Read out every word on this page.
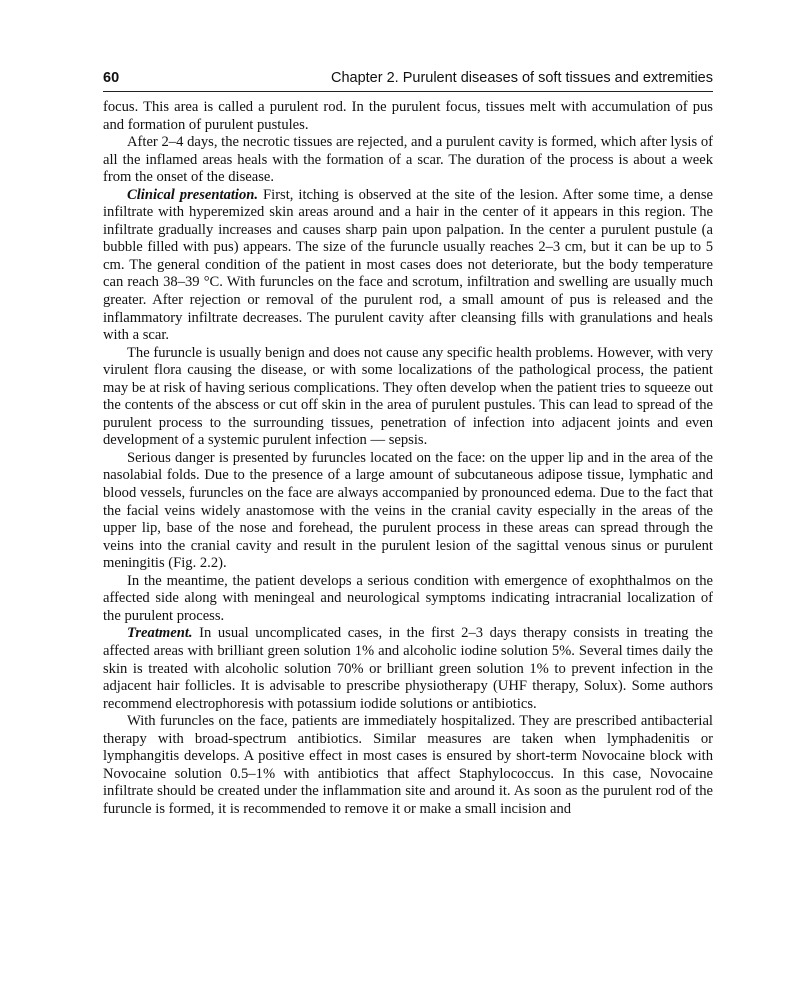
60	Chapter 2. Purulent diseases of soft tissues and extremities

focus. This area is called a purulent rod. In the purulent focus, tissues melt with accumulation of pus and formation of purulent pustules.

After 2–4 days, the necrotic tissues are rejected, and a purulent cavity is formed, which after lysis of all the inflamed areas heals with the formation of a scar. The duration of the process is about a week from the onset of the disease.

Clinical presentation. First, itching is observed at the site of the lesion. After some time, a dense infiltrate with hyperemized skin areas around and a hair in the center of it appears in this region. The infiltrate gradually increases and causes sharp pain upon palpation. In the center a purulent pustule (a bubble filled with pus) appears. The size of the furuncle usually reaches 2–3 cm, but it can be up to 5 cm. The general condition of the patient in most cases does not deteriorate, but the body temperature can reach 38–39 °C. With furuncles on the face and scrotum, infiltration and swelling are usually much greater. After rejection or removal of the purulent rod, a small amount of pus is released and the inflammatory infiltrate decreases. The purulent cavity after cleansing fills with granulations and heals with a scar.

The furuncle is usually benign and does not cause any specific health problems. However, with very virulent flora causing the disease, or with some localizations of the pathological process, the patient may be at risk of having serious complications. They often develop when the patient tries to squeeze out the contents of the abscess or cut off skin in the area of purulent pustules. This can lead to spread of the purulent process to the surrounding tissues, penetration of infection into adjacent joints and even development of a systemic purulent infection — sepsis.

Serious danger is presented by furuncles located on the face: on the upper lip and in the area of the nasolabial folds. Due to the presence of a large amount of subcutaneous adipose tissue, lymphatic and blood vessels, furuncles on the face are always accompanied by pronounced edema. Due to the fact that the facial veins widely anastomose with the veins in the cranial cavity especially in the areas of the upper lip, base of the nose and forehead, the purulent process in these areas can spread through the veins into the cranial cavity and result in the purulent lesion of the sagittal venous sinus or purulent meningitis (Fig. 2.2).

In the meantime, the patient develops a serious condition with emergence of exophthalmos on the affected side along with meningeal and neurological symptoms indicating intracranial localization of the purulent process.

Treatment. In usual uncomplicated cases, in the first 2–3 days therapy consists in treating the affected areas with brilliant green solution 1% and alcoholic iodine solution 5%. Several times daily the skin is treated with alcoholic solution 70% or brilliant green solution 1% to prevent infection in the adjacent hair follicles. It is advisable to prescribe physiotherapy (UHF therapy, Solux). Some authors recommend electrophoresis with potassium iodide solutions or antibiotics.

With furuncles on the face, patients are immediately hospitalized. They are prescribed antibacterial therapy with broad-spectrum antibiotics. Similar measures are taken when lymphadenitis or lymphangitis develops. A positive effect in most cases is ensured by short-term Novocaine block with Novocaine solution 0.5–1% with antibiotics that affect Staphylococcus. In this case, Novocaine infiltrate should be created under the inflammation site and around it. As soon as the purulent rod of the furuncle is formed, it is recommended to remove it or make a small incision and
